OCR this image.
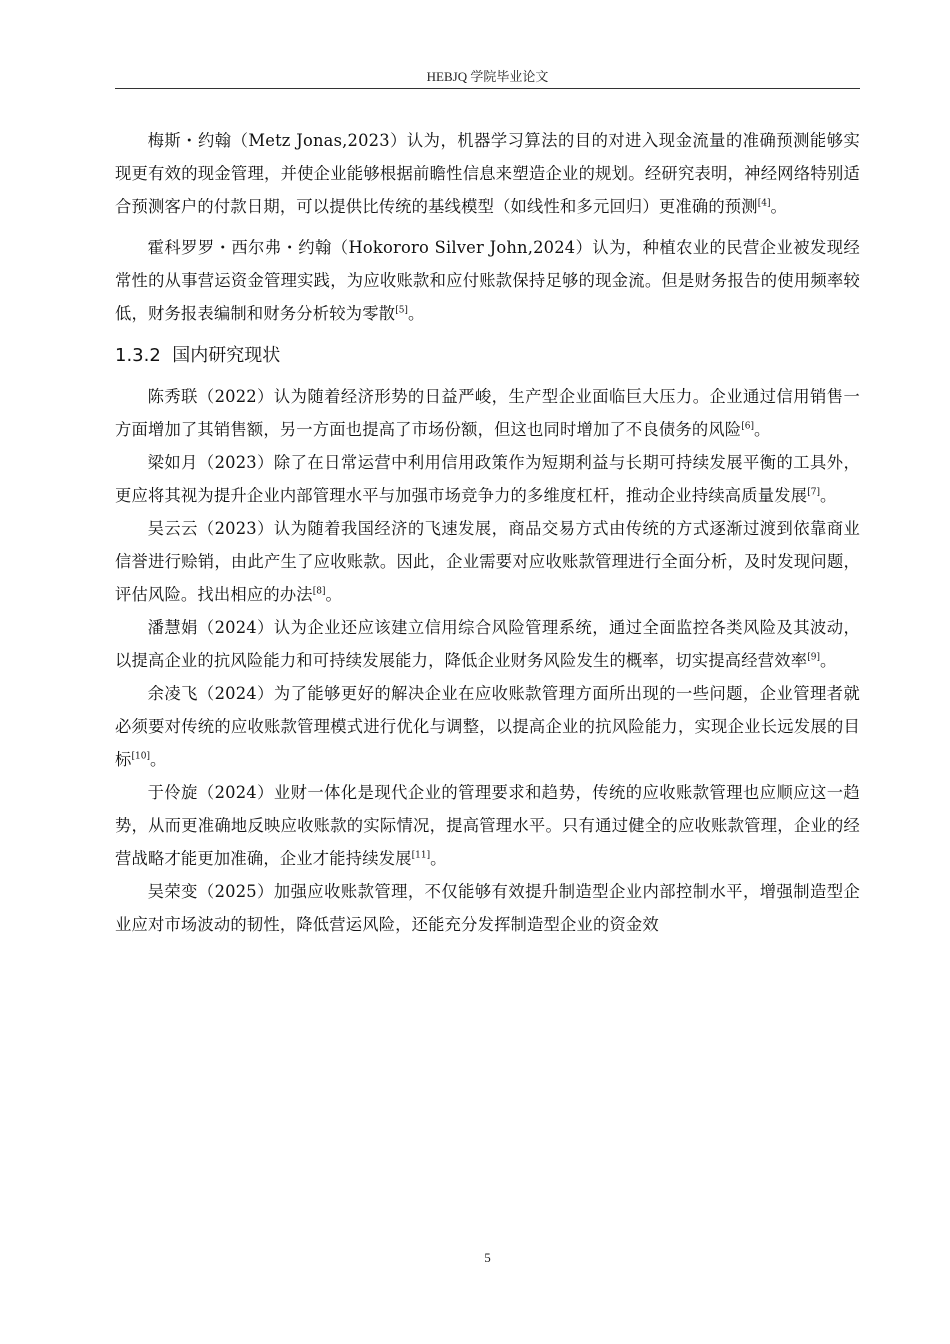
HEBJQ 学院毕业论文

梅斯・约翰（Metz Jonas,2023）认为，机器学习算法的目的对进入现金流量的准确预测能够实现更有效的现金管理，并使企业能够根据前瞻性信息来塑造企业的规划。经研究表明，神经网络特别适合预测客户的付款日期，可以提供比传统的基线模型（如线性和多元回归）更准确的预测[4]。

霍科罗罗・西尔弗・约翰（Hokororo Silver John,2024）认为，种植农业的民营企业被发现经常性的从事营运资金管理实践，为应收账款和应付账款保持足够的现金流。但是财务报告的使用频率较低，财务报表编制和财务分析较为零散[5]。

1.3.2 国内研究现状

陈秀联（2022）认为随着经济形势的日益严峻，生产型企业面临巨大压力。企业通过信用销售一方面增加了其销售额，另一方面也提高了市场份额，但这也同时增加了不良债务的风险[6]。

梁如月（2023）除了在日常运营中利用信用政策作为短期利益与长期可持续发展平衡的工具外，更应将其视为提升企业内部管理水平与加强市场竞争力的多维度杠杆，推动企业持续高质量发展[7]。

吴云云（2023）认为随着我国经济的飞速发展，商品交易方式由传统的方式逐渐过渡到依靠商业信誉进行赊销，由此产生了应收账款。因此，企业需要对应收账款管理进行全面分析，及时发现问题，评估风险。找出相应的办法[8]。

潘慧娟（2024）认为企业还应该建立信用综合风险管理系统，通过全面监控各类风险及其波动，以提高企业的抗风险能力和可持续发展能力，降低企业财务风险发生的概率，切实提高经营效率[9]。

余凌飞（2024）为了能够更好的解决企业在应收账款管理方面所出现的一些问题，企业管理者就必须要对传统的应收账款管理模式进行优化与调整，以提高企业的抗风险能力，实现企业长远发展的目标[10]。

于伶旋（2024）业财一体化是现代企业的管理要求和趋势，传统的应收账款管理也应顺应这一趋势，从而更准确地反映应收账款的实际情况，提高管理水平。只有通过健全的应收账款管理，企业的经营战略才能更加准确，企业才能持续发展[11]。

吴荣变（2025）加强应收账款管理，不仅能够有效提升制造型企业内部控制水平，增强制造型企业应对市场波动的韧性，降低营运风险，还能充分发挥制造型企业的资金效

5
